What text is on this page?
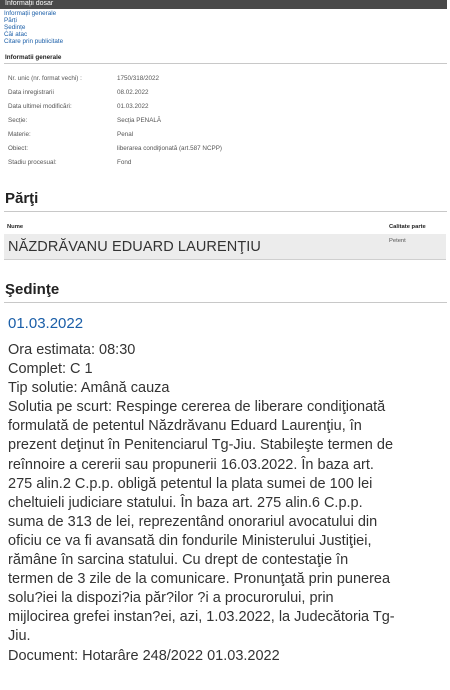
Informații dosar
Informații generale
Părți
Ședințe
Căi atac
Citare prin publicitate
Informatii generale
Nr. unic (nr. format vechi) :	1750/318/2022
Data inregistrarii	08.02.2022
Data ultimei modificări:	01.03.2022
Secție:	Secția PENALĂ
Materie:	Penal
Obiect:	liberarea condiţionată (art.587 NCPP)
Stadiu procesual:	Fond
Părţi
Nume	Calitate parte
NĂZDRĂVANU EDUARD LAURENŢIU	Petent
Şedinţe
01.03.2022
Ora estimata: 08:30
Complet: C 1
Tip solutie: Amână cauza
Solutia pe scurt: Respinge cererea de liberare condiţionată
formulată de petentul Năzdrăvanu Eduard Laurenţiu, în
prezent deţinut în Penitenciarul Tg-Jiu. Stabileşte termen de
reînnoire a cererii sau propunerii 16.03.2022. În baza art.
275 alin.2 C.p.p. obligă petentul la plata sumei de 100 lei
cheltuieli judiciare statului. În baza art. 275 alin.6 C.p.p.
suma de 313 de lei, reprezentând onorariul avocatului din
oficiu ce va fi avansată din fondurile Ministerului Justiţiei,
rămâne în sarcina statului. Cu drept de contestaţie în
termen de 3 zile de la comunicare. Pronunţată prin punerea
solu?iei la dispozi?ia păr?ilor ?i a procurorului, prin
mijlocirea grefei instan?ei, azi, 1.03.2022, la Judecătoria Tg-
Jiu.
Document: Hotarâre 248/2022 01.03.2022
